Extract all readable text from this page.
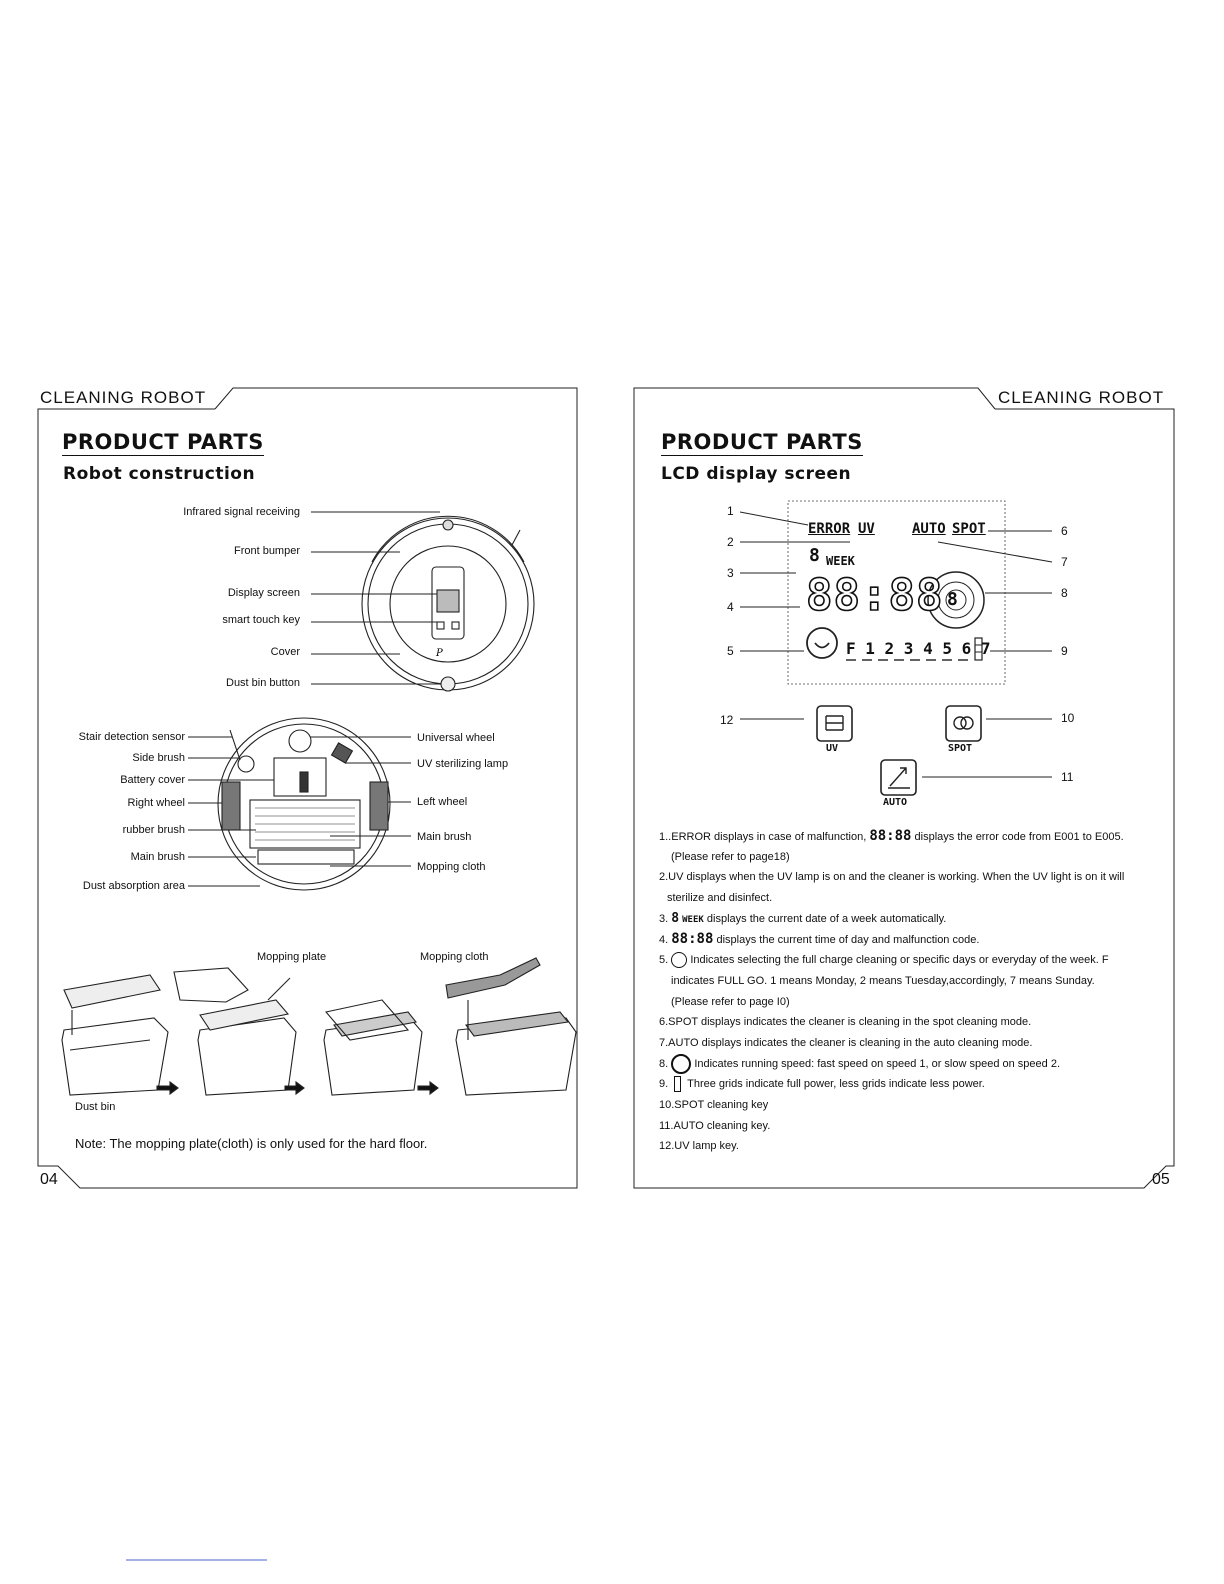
CLEANING ROBOT
PRODUCT PARTS
Robot construction
P
P
Infrared signal receiving
Front bumper
Display screen
smart touch key
Cover
Dust bin button
Stair detection sensor
Side brush
Battery cover
Right wheel
rubber brush
Main brush
Dust absorption area
Universal wheel
UV sterilizing lamp
Left wheel
Main brush
Mopping cloth
Mopping plate	Mopping cloth
Dust bin
Note: The mopping plate(cloth) is only used for the hard floor.
04
CLEANING ROBOT
PRODUCT PARTS
LCD display screen
ERROR UV	AUTO SPOT
8 WEEK
88:88 8
F 1 2 3 4 5 6 7
1
2
3
4
5
6
7
8
9
12
UV
10
SPOT
11
AUTO
1..ERROR displays in case of malfunction, 88:88 displays the error code from E001 to E005.
(Please refer to page18)
2.UV displays when the UV lamp is on and the cleaner is working. When the UV light is on it will
sterilize and disinfect.
3. 8 WEEK displays the current date of a week automatically.
4. 88:88 displays the current time of day and malfunction code.
5. Indicates selecting the full charge cleaning or specific days or everyday of the week. F
indicates FULL GO. 1 means Monday, 2 means Tuesday,accordingly, 7 means Sunday.
(Please refer to page I0)
6.SPOT displays indicates the cleaner is cleaning in the spot cleaning mode.
7.AUTO displays indicates the cleaner is cleaning in the auto cleaning mode.
8. Indicates running speed: fast speed on speed 1, or slow speed on speed 2.
9. Three grids indicate full power, less grids indicate less power.
10.SPOT cleaning key
11.AUTO cleaning key.
12.UV lamp key.
05
